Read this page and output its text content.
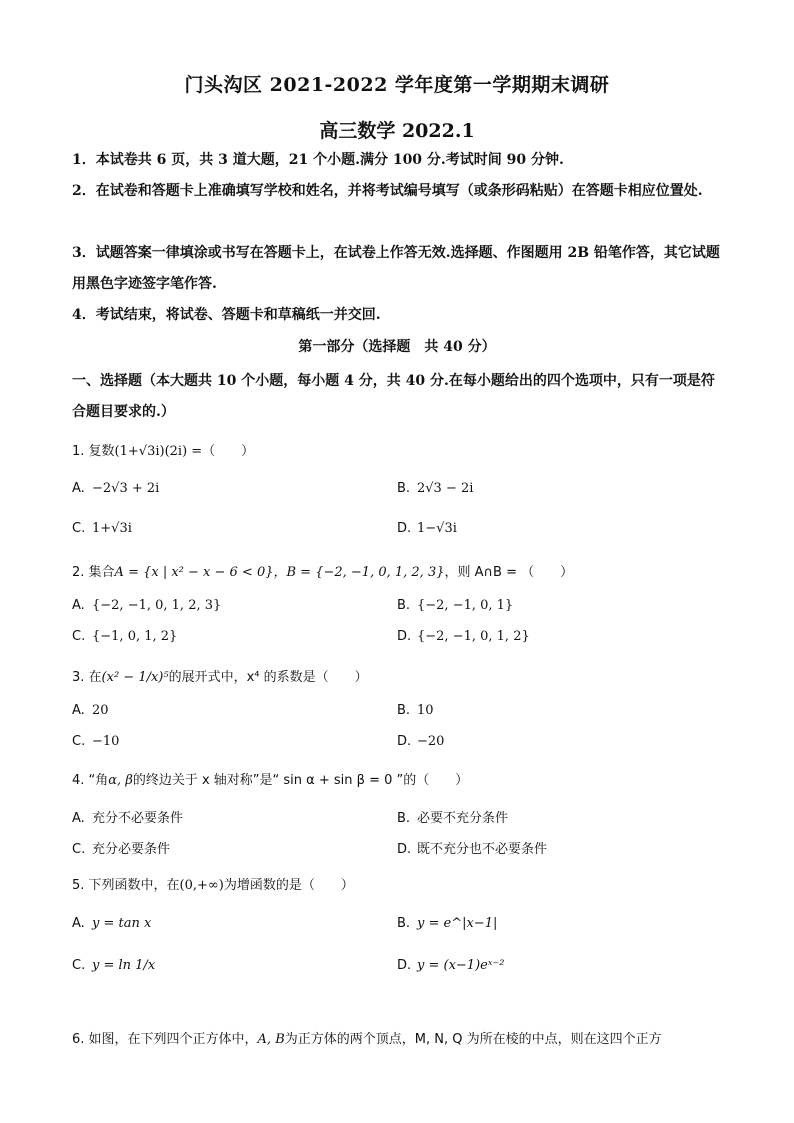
门头沟区 2021-2022 学年度第一学期期末调研
高三数学 2022.1
1．本试卷共 6 页，共 3 道大题，21 个小题.满分 100 分.考试时间 90 分钟.
2．在试卷和答题卡上准确填写学校和姓名，并将考试编号填写（或条形码粘贴）在答题卡相应位置处.
3．试题答案一律填涂或书写在答题卡上，在试卷上作答无效.选择题、作图题用 2B 铅笔作答，其它试题用黑色字迹签字笔作答.
4．考试结束，将试卷、答题卡和草稿纸一并交回.
第一部分（选择题　共 40 分）
一、选择题（本大题共 10 个小题，每小题 4 分，共 40 分.在每小题给出的四个选项中，只有一项是符合题目要求的.）
1. 复数(1+√3i)(2i) =（　　）
A. −2√3 + 2i	B. 2√3 − 2i
C. 1+√3i	D. 1−√3i
2. 集合A = {x | x² − x − 6 < 0}，B = {−2, −1, 0, 1, 2, 3}，则 A∩B = （　　）
A. {−2, −1, 0, 1, 2, 3}	B. {−2, −1, 0, 1}
C. {−1, 0, 1, 2}	D. {−2, −1, 0, 1, 2}
3. 在(x² − 1/x)⁵的展开式中，x⁴ 的系数是（　　）
A. 20	B. 10
C. −10	D. −20
4. “角α, β的终边关于 x 轴对称”是“ sin α + sin β = 0 ”的（　　）
A. 充分不必要条件	B. 必要不充分条件
C. 充分必要条件	D. 既不充分也不必要条件
5. 下列函数中，在(0,+∞)为增函数的是（　　）
A. y = tan x	B. y = e^|x−1|
C. y = ln 1/x	D. y = (x−1)eˣ⁻²
6. 如图，在下列四个正方体中，A, B为正方体的两个顶点，M, N, Q 为所在棱的中点，则在这四个正方
